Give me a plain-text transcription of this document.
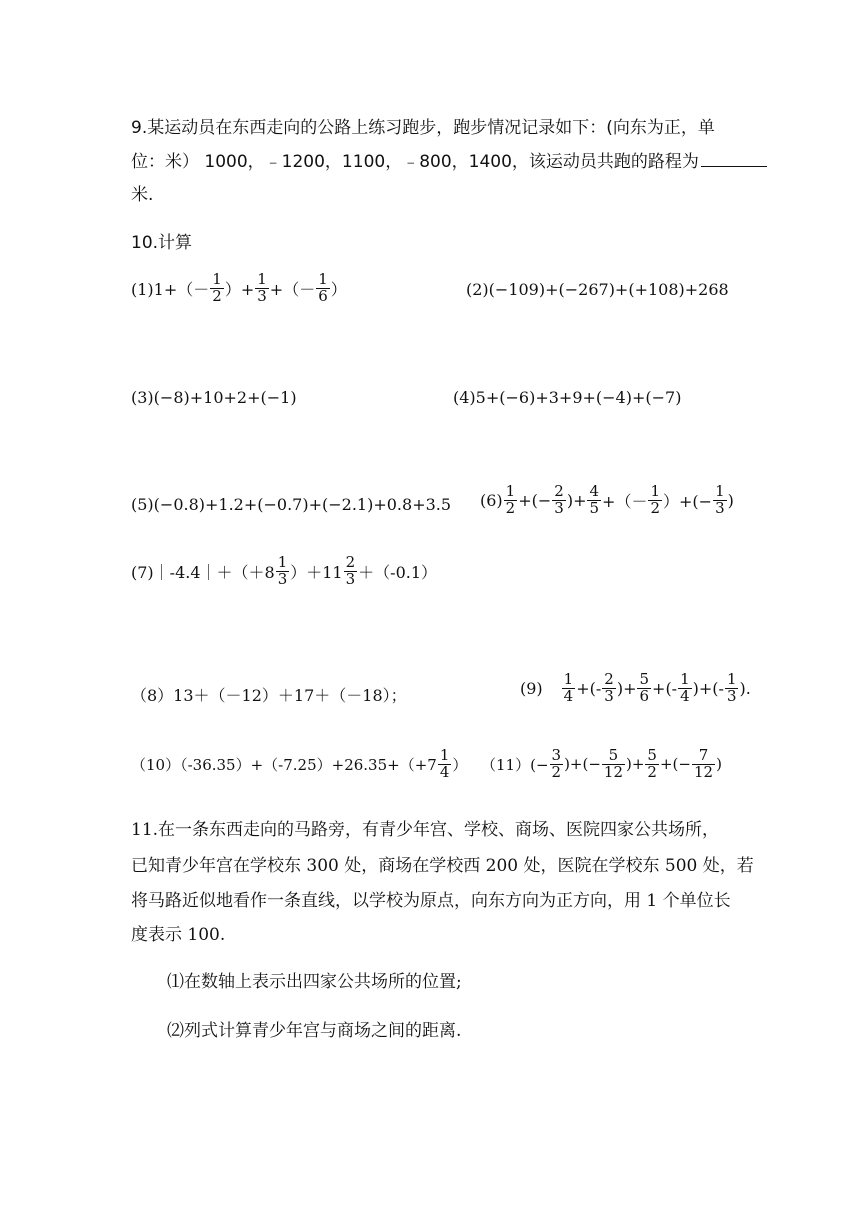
9.某运动员在东西走向的公路上练习跑步，跑步情况记录如下：(向东为正，单
位：米） 1000，﹣1200，1100，﹣800，1400，该运动员共跑的路程为
米.
10.计算
$(1)1+(- \frac{1}{2}$ ）+ $\frac{1}{3}$ +（－ $\frac{1}{6}$ ）	(2)(−109)+(−267)+(+108)+268
(3)(−8)+10+2+(−1)	(4)5+(−6)+3+9+(−4)+(−7)
(5)(−0.8)+1.2+(−0.7)+(−2.1)+0.8+3.5 $(6) \frac{1}{2}$ +(− $\frac{2}{3}$ )+ $\frac{4}{5}$ +（－ $\frac{1}{2}$ ）+(− $\frac{1}{3}$ )
(7)｜-4.4｜＋（＋8 $\frac{1}{3} )+11 \frac{2}{3} +(-0.1)$
（8）13＋（－12）＋17＋（－18）；	$(9) \frac{1}{4}$ +(- $\frac{2}{3}$ )+ $\frac{5}{6}$ +(- $\frac{1}{4}$ )+(- $\frac{1}{3}$ ).
$(10)(-36.35)+(-7.25)+26.35+(+7 \frac{1}{4}$ ） $(11)(- \frac{3}{2}$ )+(− $\frac{5}{12}$ )+ $\frac{5}{2}$ +(− $\frac{7}{12}$ )
11.在一条东西走向的马路旁，有青少年宫、学校、商场、医院四家公共场所，
已知青少年宫在学校东 300 处，商场在学校西 200 处，医院在学校东 500 处，若
将马路近似地看作一条直线，以学校为原点，向东方向为正方向，用 1 个单位长
度表示 100.
⑴在数轴上表示出四家公共场所的位置;
⑵列式计算青少年宫与商场之间的距离.
